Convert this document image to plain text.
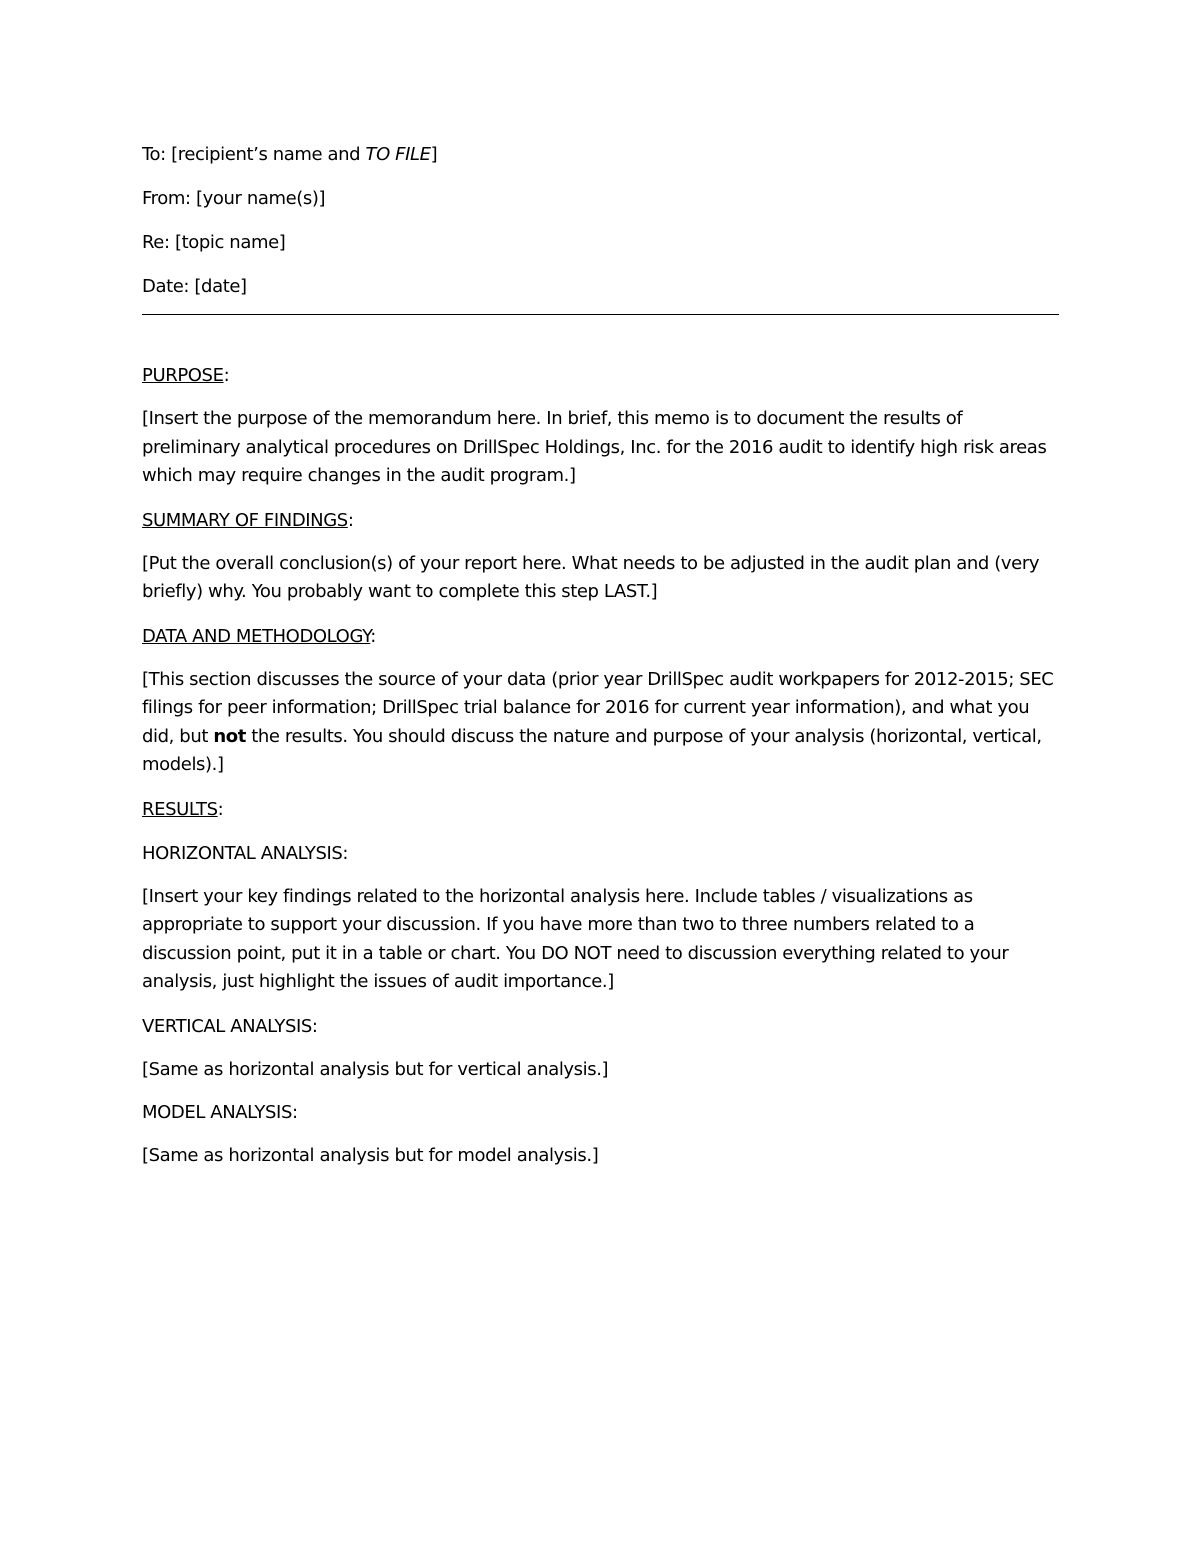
To: [recipient’s name and TO FILE]

From: [your name(s)]

Re: [topic name]

Date: [date]

PURPOSE:

[Insert the purpose of the memorandum here. In brief, this memo is to document the results of preliminary analytical procedures on DrillSpec Holdings, Inc. for the 2016 audit to identify high risk areas which may require changes in the audit program.]

SUMMARY OF FINDINGS:

[Put the overall conclusion(s) of your report here. What needs to be adjusted in the audit plan and (very briefly) why. You probably want to complete this step LAST.]

DATA AND METHODOLOGY:

[This section discusses the source of your data (prior year DrillSpec audit workpapers for 2012-2015; SEC filings for peer information; DrillSpec trial balance for 2016 for current year information), and what you did, but not the results. You should discuss the nature and purpose of your analysis (horizontal, vertical, models).]

RESULTS:

HORIZONTAL ANALYSIS:

[Insert your key findings related to the horizontal analysis here. Include tables / visualizations as appropriate to support your discussion. If you have more than two to three numbers related to a discussion point, put it in a table or chart. You DO NOT need to discussion everything related to your analysis, just highlight the issues of audit importance.]

VERTICAL ANALYSIS:

[Same as horizontal analysis but for vertical analysis.]

MODEL ANALYSIS:

[Same as horizontal analysis but for model analysis.]
